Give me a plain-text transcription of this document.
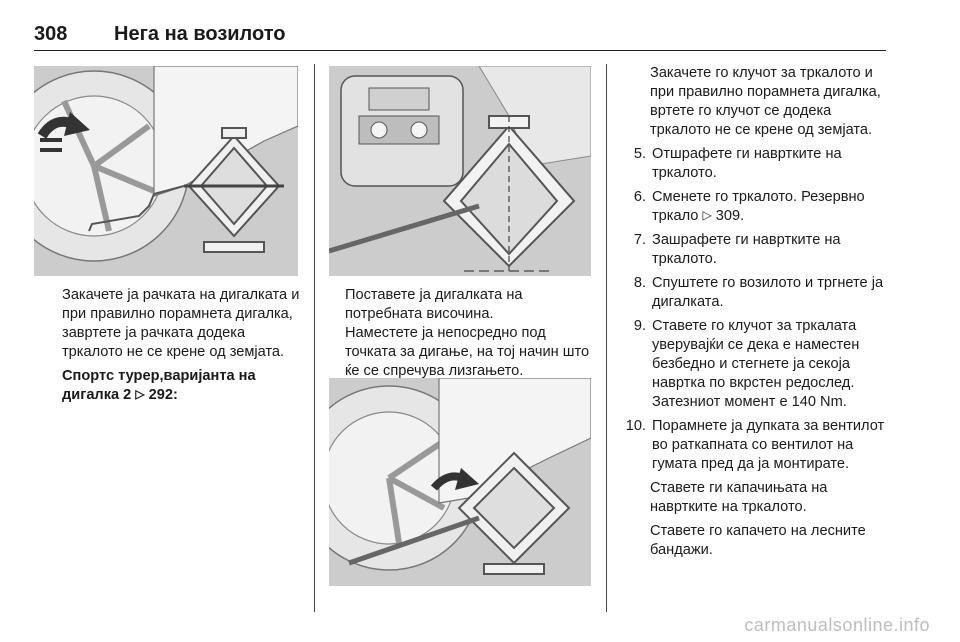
308 Нега на возилото

Закачете ја рачката на дигалката и при правилно порамнета дигалка, завртете ја рачката додека тркалото не се крене од земјата.

Спортс турер,варијанта на дигалка 2 ▷ 292:

Поставете ја дигалката на потребната височина.

Наместете ја непосредно под точката за дигање, на тој начин што ќе се спречува лизгањето.

Закачете го клучот за тркалото и при правилно порамнета дигалка, вртете го клучот се додека тркалото не се крене од земјата.

5. Отшрафете ги навртките на тркалото.
6. Сменете го тркалото. Резервно тркало ▷ 309.
7. Зашрафете ги навртките на тркалото.
8. Спуштете го возилото и тргнете ја дигалката.
9. Ставете го клучот за тркалата уверувајќи се дека е наместен безбедно и стегнете ја секоја навртка по вкрстен редослед. Затезниот момент е 140 Nm.
10. Порамнете ја дупката за вентилот во раткапната со вентилот на гумата пред да ја монтирате.

Ставете ги капачињата на навртките на тркалото.

Ставете го капачето на лесните бандажи.

carmanualsonline.info
